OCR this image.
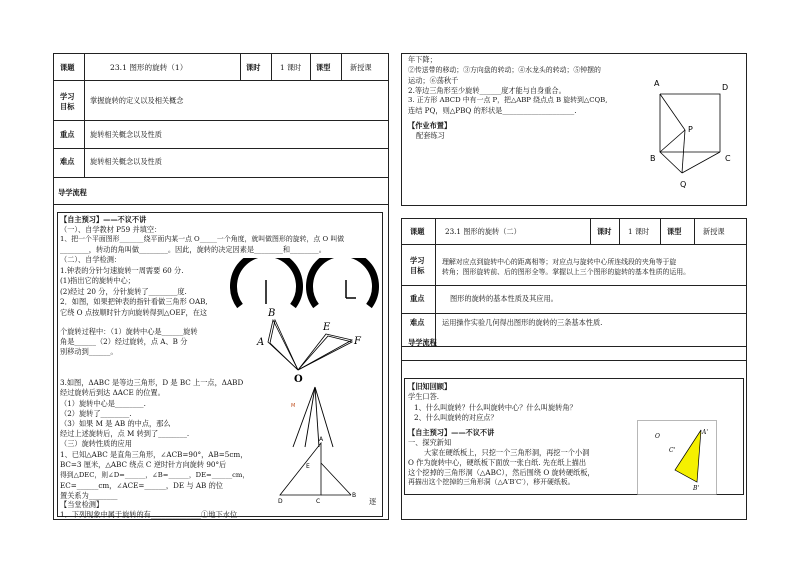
课题	23.1 图形的旋转（1）	课时	1 课时 课型	新授课
学习
目标
掌握旋转的定义以及相关概念
重点 旋转相关概念以及性质
难点 旋转相关概念以及性质
导学流程
【自主预习】——不议不讲
（一）、自学教材 P59 并填空：
1、把一个平面图形_______绕平面内某一点 O_____一个角度，就叫做图形的旋转，点 O 叫做
________，转动的角叫做________。因此，旋转的决定因素是________和________。
（二）、自学检测：
1.钟表的分针匀速旋转一周需要 60 分.
(1)指出它的旋转中心；
(2)经过 20 分，分针旋转了________度.
2．如图，如果把钟表的指针看做三角形 OAB,
它绕 O 点按顺时针方向旋转得到△OEF，在这
个旋转过程中：（1）旋转中心是______旋转
角是______（2）经过旋转，点 A、B 分
别移动到______。
3.如图，ΔABC 是等边三角形，D 是 BC 上一点，ΔABD
经过旋转后到达 ΔACE 的位置。
（1）旋转中心是________.
（2）旋转了________.
（3）如果 M 是 AB 的中点，那么
经过上述旋转后，点 M 转到了________.
（三）旋转性质的应用
1、已知△ABC 是直角三角形，∠ACB=90°，AB=5cm，
BC=3 厘米，△ABC 绕点 C 逆时针方向旋转 90°后
得到△DEC，则∠D=______，∠B=______，DE=______cm，
EC=______cm，∠ACE=______，DE 与 AB 的位
置关系为________
【当堂检测】
1．下列现象中属于旋转的有______________①地下水位
逐
B
A
E
F
O
M
A
E
B
C
D
年下降；
②传送带的移动；③方向盘的转动；④水龙头的转动；⑤钟摆的
运动；⑥荡秋千
2.等边三角形至少旋转______度才能与自身重合。
3. 正方形 ABCD 中有一点 P，把△ABP 绕点点 B 旋转到△CQB,
连结 PQ，则△PBQ 的形状是____________________.
【作业布置】
配套练习
A	D
P
B	C
Q
课题	23.1 图形的旋转（二）	课时 1 课时 课型	新授课
学习
目标
理解对应点到旋转中心的距离相等；对应点与旋转中心所连线段的夹角等于旋
转角；图形旋转前、后的图形全等。掌握以上三个图形的旋转的基本性质的运用。
重点	图形的旋转的基本性质及其应用。
难点 运用操作实验几何得出图形的旋转的三条基本性质.
导学流程
【旧知回顾】
学生口答.
1、什么叫旋转？什么叫旋转中心？什么叫旋转角？
2、什么叫旋转的对应点？
【自主预习】——不议不讲
一、探究新知
大家在硬纸板上，只挖一个三角形洞，再挖一个小洞
O 作为旋转中心，硬纸板下面放一张白纸. 先在纸上描出
这个挖掉的三角形洞（△ABC），然后围绕 O 旋转硬纸板，
再描出这个挖掉的三角形洞（△A′B′C′），移开硬纸板。
O
C'
A'
B'
